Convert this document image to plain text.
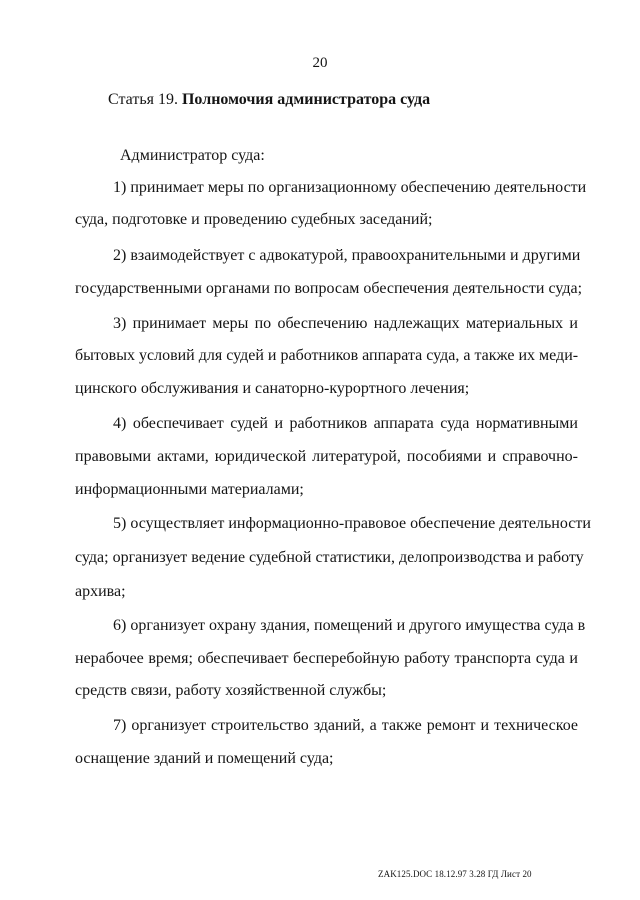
20
Статья 19. Полномочия администратора суда
Администратор суда:
1) принимает меры по организационному обеспечению деятельности
суда, подготовке и проведению судебных заседаний;
2) взаимодействует с адвокатурой, правоохранительными и другими
государственными органами по вопросам обеспечения деятельности суда;
3) принимает меры по обеспечению надлежащих материальных и
бытовых условий для судей и работников аппарата суда, а также их меди-
цинского обслуживания и санаторно-курортного лечения;
4) обеспечивает судей и работников аппарата суда нормативными
правовыми актами, юридической литературой, пособиями и справочно-
информационными материалами;
5) осуществляет информационно-правовое обеспечение деятельности
суда; организует ведение судебной статистики, делопроизводства и работу
архива;
6) организует охрану здания, помещений и другого имущества суда в
нерабочее время; обеспечивает бесперебойную работу транспорта суда и
средств связи, работу хозяйственной службы;
7) организует строительство зданий, а также ремонт и техническое
оснащение зданий и помещений суда;
ZAK125.DOC 18.12.97 3.28 ГД Лист 20
